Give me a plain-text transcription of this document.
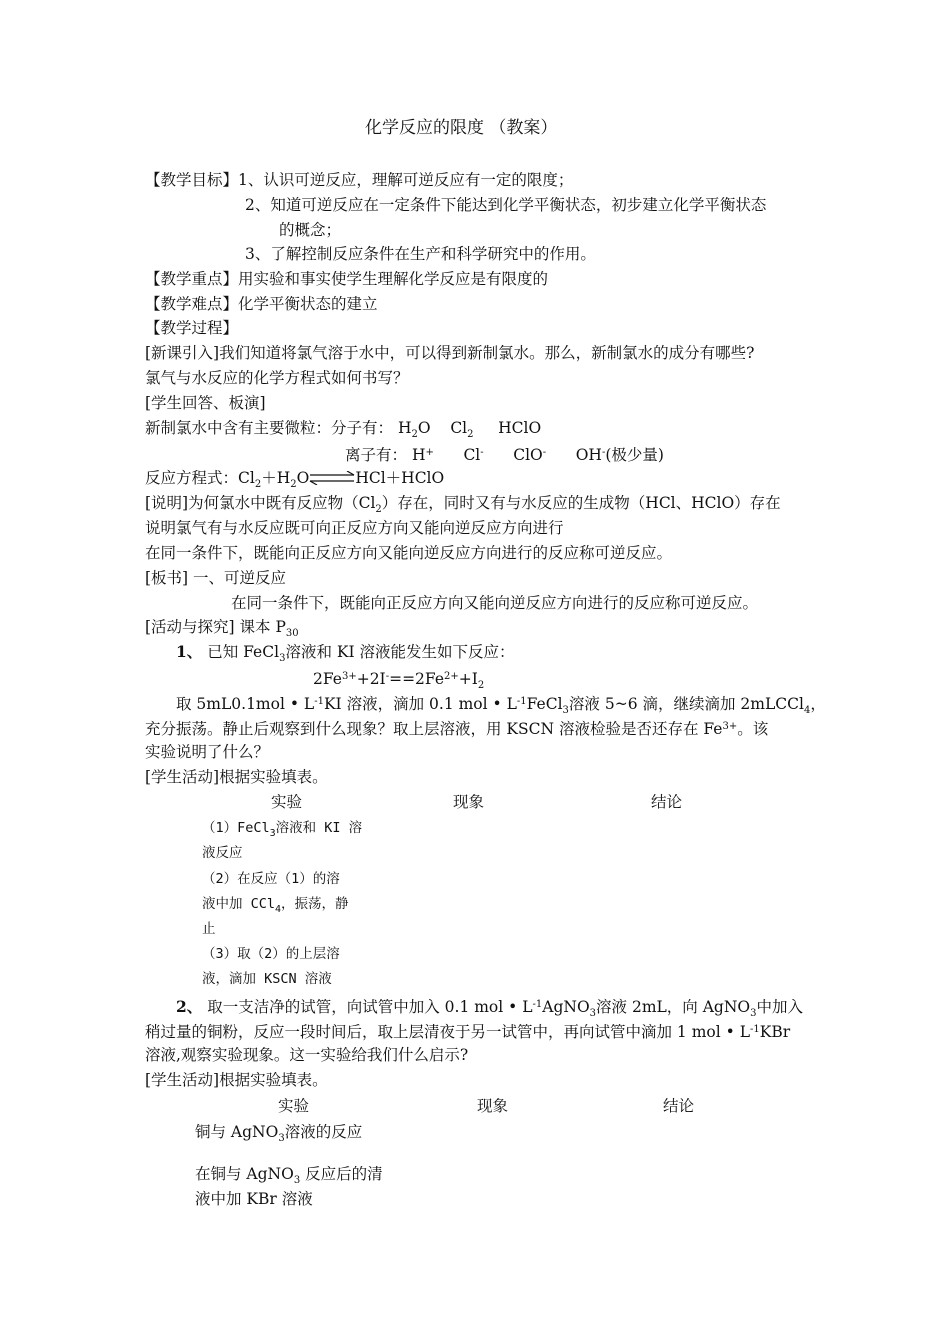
化学反应的限度 （教案）
【教学目标】1、认识可逆反应，理解可逆反应有一定的限度；
2、知道可逆反应在一定条件下能达到化学平衡状态，初步建立化学平衡状态
的概念；
3、了解控制反应条件在生产和科学研究中的作用。
【教学重点】用实验和事实使学生理解化学反应是有限度的
【教学难点】化学平衡状态的建立
【教学过程】
[新课引入]我们知道将氯气溶于水中，可以得到新制氯水。那么，新制氯水的成分有哪些?
氯气与水反应的化学方程式如何书写？
[学生回答、板演]
新制氯水中含有主要微粒：分子有： $H_2O$ $Cl_2$ HClO
离子有： H+ Cl- ClO- OH-(极少量)
反应方程式：$Cl_2+H_2O\rightleftharpoons HCl+HClO$
[说明]为何氯水中既有反应物$(Cl_2)$存在，同时又有与水反应的生成物（HCl、HClO）存在
说明氯气有与水反应既可向正反应方向又能向逆反应方向进行
在同一条件下，既能向正反应方向又能向逆反应方向进行的反应称可逆反应。
[板书] 一、可逆反应
在同一条件下，既能向正反应方向又能向逆反应方向进行的反应称可逆反应。
[活动与探究] 课本 $P_{30}$
1、 已知 FeCl$_3$溶液和 KI 溶液能发生如下反应：
$2Fe^{3+}+2I^-==2Fe^{2+}+I_2$
取 5mL0.1mol • $L^{-1}KI$ 溶液，滴加 0.1 mol • $L^{-1}FeCl_3$溶液 5~6 滴，继续滴加 2mLCCl$_4$，
充分振荡。静止后观察到什么现象？取上层溶液，用 KSCN 溶液检验是否还存在 $Fe^{3+}$。该
实验说明了什么？
[学生活动]根据实验填表。
实验	现象	结论
（1）FeCl$_3$溶液和 KI 溶
液反应
（2）在反应（1）的溶
液中加 CCl$_4$，振荡，静
止
（3）取（2）的上层溶
液，滴加 KSCN 溶液
2、 取一支洁净的试管，向试管中加入 0.1 mol • $L^{-1}AgNO_3$溶液 2mL，向 AgNO$_3$中加入
稍过量的铜粉，反应一段时间后，取上层清夜于另一试管中，再向试管中滴加 1 mol • $L^{-1}KBr$
溶液,观察实验现象。这一实验给我们什么启示?
[学生活动]根据实验填表。
实验	现象	结论
铜与 AgNO$_3$溶液的反应
在铜与 AgNO$_3$ 反应后的清
液中加 KBr 溶液
